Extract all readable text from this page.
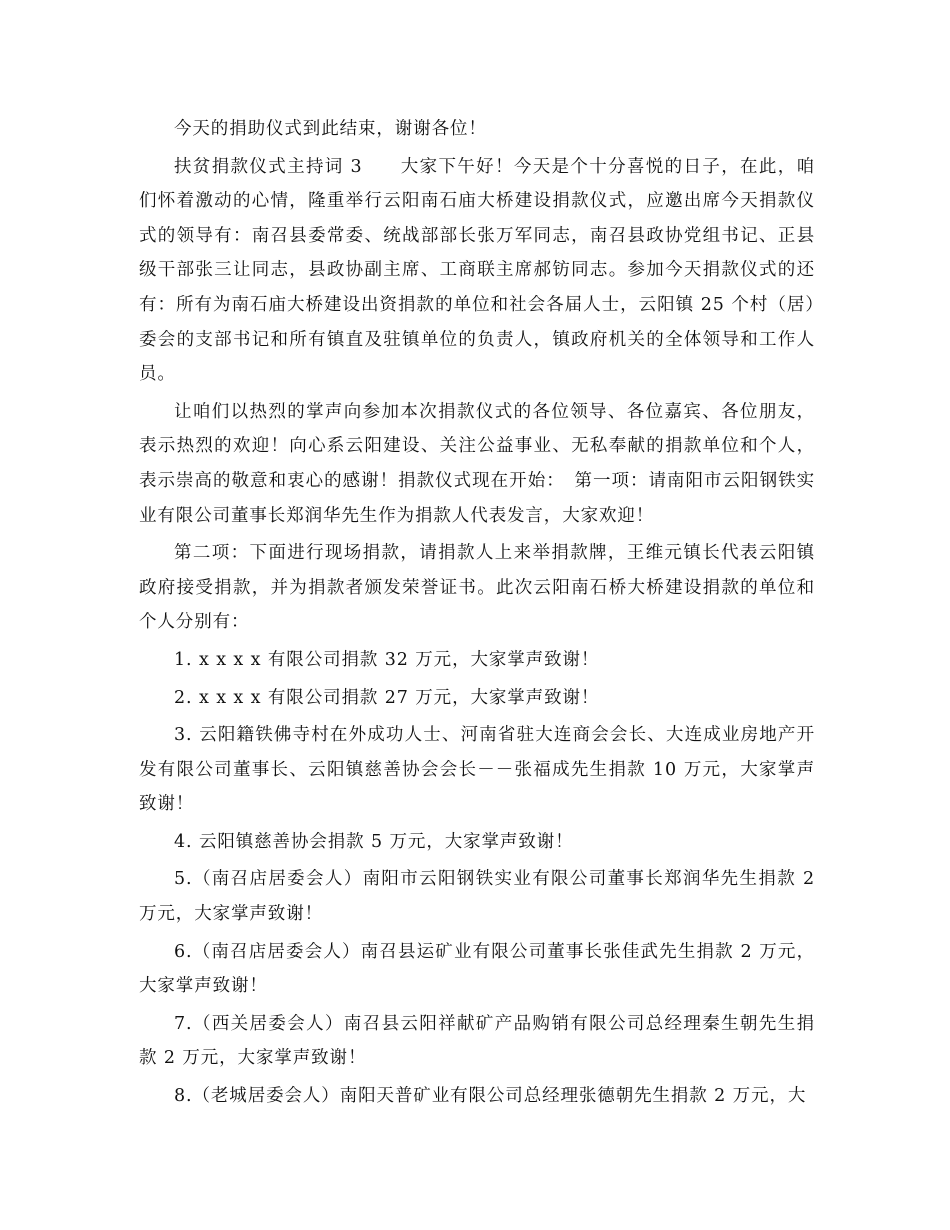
今天的捐助仪式到此结束，谢谢各位！

扶贫捐款仪式主持词 3　　大家下午好！今天是个十分喜悦的日子，在此，咱们怀着激动的心情，隆重举行云阳南石庙大桥建设捐款仪式，应邀出席今天捐款仪式的领导有：南召县委常委、统战部部长张万军同志，南召县政协党组书记、正县级干部张三让同志，县政协副主席、工商联主席郝钫同志。参加今天捐款仪式的还有：所有为南石庙大桥建设出资捐款的单位和社会各届人士，云阳镇 25 个村（居）委会的支部书记和所有镇直及驻镇单位的负责人，镇政府机关的全体领导和工作人员。

让咱们以热烈的掌声向参加本次捐款仪式的各位领导、各位嘉宾、各位朋友，表示热烈的欢迎！向心系云阳建设、关注公益事业、无私奉献的捐款单位和个人，表示崇高的敬意和衷心的感谢！捐款仪式现在开始：　第一项：请南阳市云阳钢铁实业有限公司董事长郑润华先生作为捐款人代表发言，大家欢迎！

第二项：下面进行现场捐款，请捐款人上来举捐款牌，王维元镇长代表云阳镇政府接受捐款，并为捐款者颁发荣誉证书。此次云阳南石桥大桥建设捐款的单位和个人分别有：

1. x x x x 有限公司捐款 32 万元，大家掌声致谢！

2. x x x x 有限公司捐款 27 万元，大家掌声致谢！

3. 云阳籍铁佛寺村在外成功人士、河南省驻大连商会会长、大连成业房地产开发有限公司董事长、云阳镇慈善协会会长－－张福成先生捐款 10 万元，大家掌声致谢！

4. 云阳镇慈善协会捐款 5 万元，大家掌声致谢！

5.（南召店居委会人）南阳市云阳钢铁实业有限公司董事长郑润华先生捐款 2 万元，大家掌声致谢！

6.（南召店居委会人）南召县运矿业有限公司董事长张佳武先生捐款 2 万元，大家掌声致谢！

7.（西关居委会人）南召县云阳祥献矿产品购销有限公司总经理秦生朝先生捐款 2 万元，大家掌声致谢！

8.（老城居委会人）南阳天普矿业有限公司总经理张德朝先生捐款 2 万元，大
